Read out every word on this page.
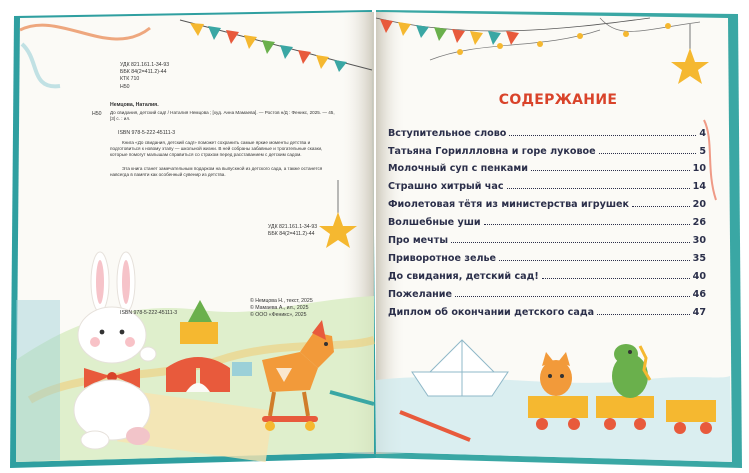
УДК 821.161.1-34-93
ББК 84(2=411.2)-44
КТК 710
Н50
Немцова, Наталия.
Н50 До свидания, детский сад! / Наталия Немцова ; [худ. Анна Мамаева]. — Ростов н/Д : Феникс, 2025. — 45, [3] с. : ил.
ISBN 978-5-222-45111-3
Книга «До свидания, детский сад!» поможет сохранить самые яркие моменты детства и подготовиться к новому этапу — школьной жизни. В ней собраны забавные и трогательные сказки, которые помогут малышам справиться со страхом перед расставанием с детским садом.
Эта книга станет замечательным подарком на выпускной из детского сада, а также останется навсегда в памяти как особенный сувенир из детства.
УДК 821.161.1-34-93
ББК 84(2=411.2)-44
ISBN 978-5-222-45111-3
© Немцова Н., текст, 2025
© Мамаева А., ил., 2025
© ООО «Феникс», 2025
СОДЕРЖАНИЕ
Вступительное слово	4
Татьяна Гориллловна и горе луковое	5
Молочный суп с пенками	10
Страшно хитрый час	14
Фиолетовая тётя из министерства игрушек	20
Волшебные уши	26
Про мечты	30
Приворотное зелье	35
До свидания, детский сад!	40
Пожелание	46
Диплом об окончании детского сада	47
